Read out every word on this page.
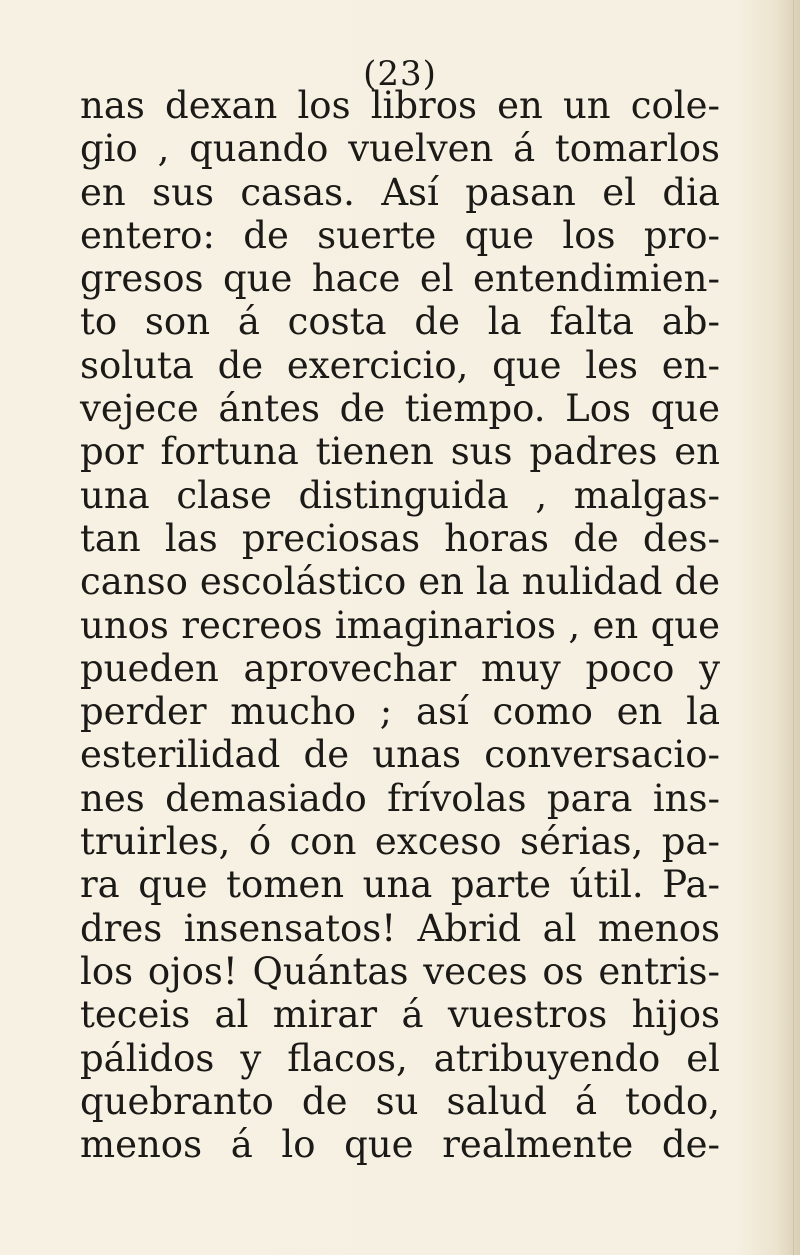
(23)
nas dexan los libros en un cole-
gio , quando vuelven á tomarlos
en sus casas. Así pasan el dia
entero: de suerte que los pro-
gresos que hace el entendimien-
to son á costa de la falta ab-
soluta de exercicio, que les en-
vejece ántes de tiempo. Los que
por fortuna tienen sus padres en
una clase distinguida , malgas-
tan las preciosas horas de des-
canso escolástico en la nulidad de
unos recreos imaginarios , en que
pueden aprovechar muy poco y
perder mucho ; así como en la
esterilidad de unas conversacio-
nes demasiado frívolas para ins-
truirles, ó con exceso sérias, pa-
ra que tomen una parte útil. Pa-
dres insensatos! Abrid al menos
los ojos! Quántas veces os entris-
teceis al mirar á vuestros hijos
pálidos y flacos, atribuyendo el
quebranto de su salud á todo,
menos á lo que realmente de-
